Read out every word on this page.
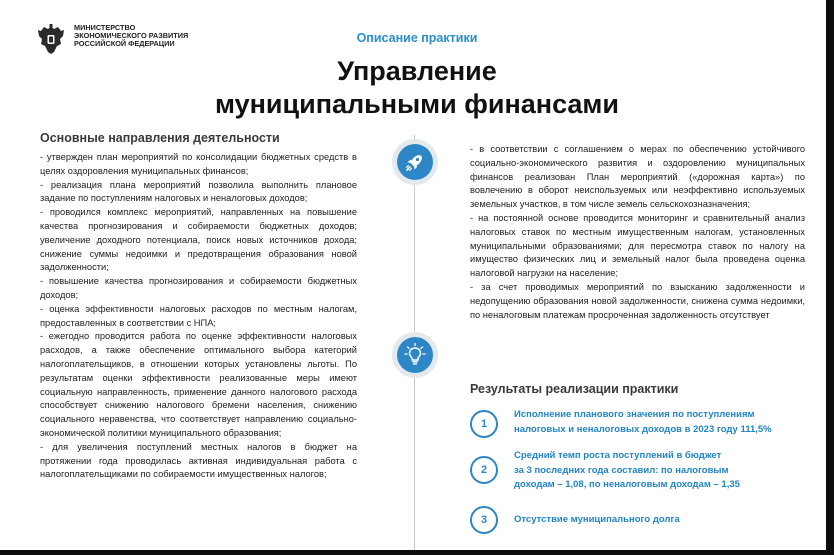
МИНИСТЕРСТВО
ЭКОНОМИЧЕСКОГО РАЗВИТИЯ
РОССИЙСКОЙ ФЕДЕРАЦИИ	Описание практики
Управление
муниципальными финансами
Основные направления деятельности

- утвержден план мероприятий по консолидации бюджетных средств в целях оздоровления муниципальных финансов;

- реализация плана мероприятий позволила выполнить плановое задание по поступлениям налоговых и неналоговых доходов;

- проводился комплекс мероприятий, направленных на повышение качества прогнозирования и собираемости бюджетных доходов; увеличение доходного потенциала, поиск новых источников дохода; снижение суммы недоимки и предотвращения образования новой задолженности;

- повышение качества прогнозирования и собираемости бюджетных доходов;

- оценка эффективности налоговых расходов по местным налогам, предоставленных в соответствии с НПА;

- ежегодно проводится работа по оценке эффективности налоговых расходов, а также обеспечение оптимального выбора категорий налогоплательщиков, в отношении которых установлены льготы. По результатам оценки эффективности реализованные меры имеют социальную направленность, применение данного налогового расхода способствует снижению налогового бремени населения, снижению социального неравенства, что соответствует направлению социально-экономической политики муниципального образования;

- для увеличения поступлений местных налогов в бюджет на протяжении года проводилась активная индивидуальная работа с налогоплательщиками по собираемости имущественных налогов;

- в соответствии с соглашением о мерах по обеспечению устойчивого социально-экономического развития и оздоровлению муниципальных финансов реализован План мероприятий («дорожная карта») по вовлечению в оборот неиспользуемых или неэффективно используемых земельных участков, в том числе земель сельскохозназначения;

- на постоянной основе проводится мониторинг и сравнительный анализ налоговых ставок по местным имущественным налогам, установленных муниципальными образованиями; для пересмотра ставок по налогу на имущество физических лиц и земельный налог была проведена оценка налоговой нагрузки на население;

- за счет проводимых мероприятий по взысканию задолженности и недопущению образования новой задолженности, снижена сумма недоимки, по неналоговым платежам просроченная задолженность отсутствует

Результаты реализации практики
1
Исполнение планового значения по поступлениям
налоговых и неналоговых доходов в 2023 году 111,5%
2
Средний темп роста поступлений в бюджет
за 3 последних года составил: по налоговым
доходам – 1,08, по неналоговым доходам – 1,35
3	Отсутствие муниципального долга
